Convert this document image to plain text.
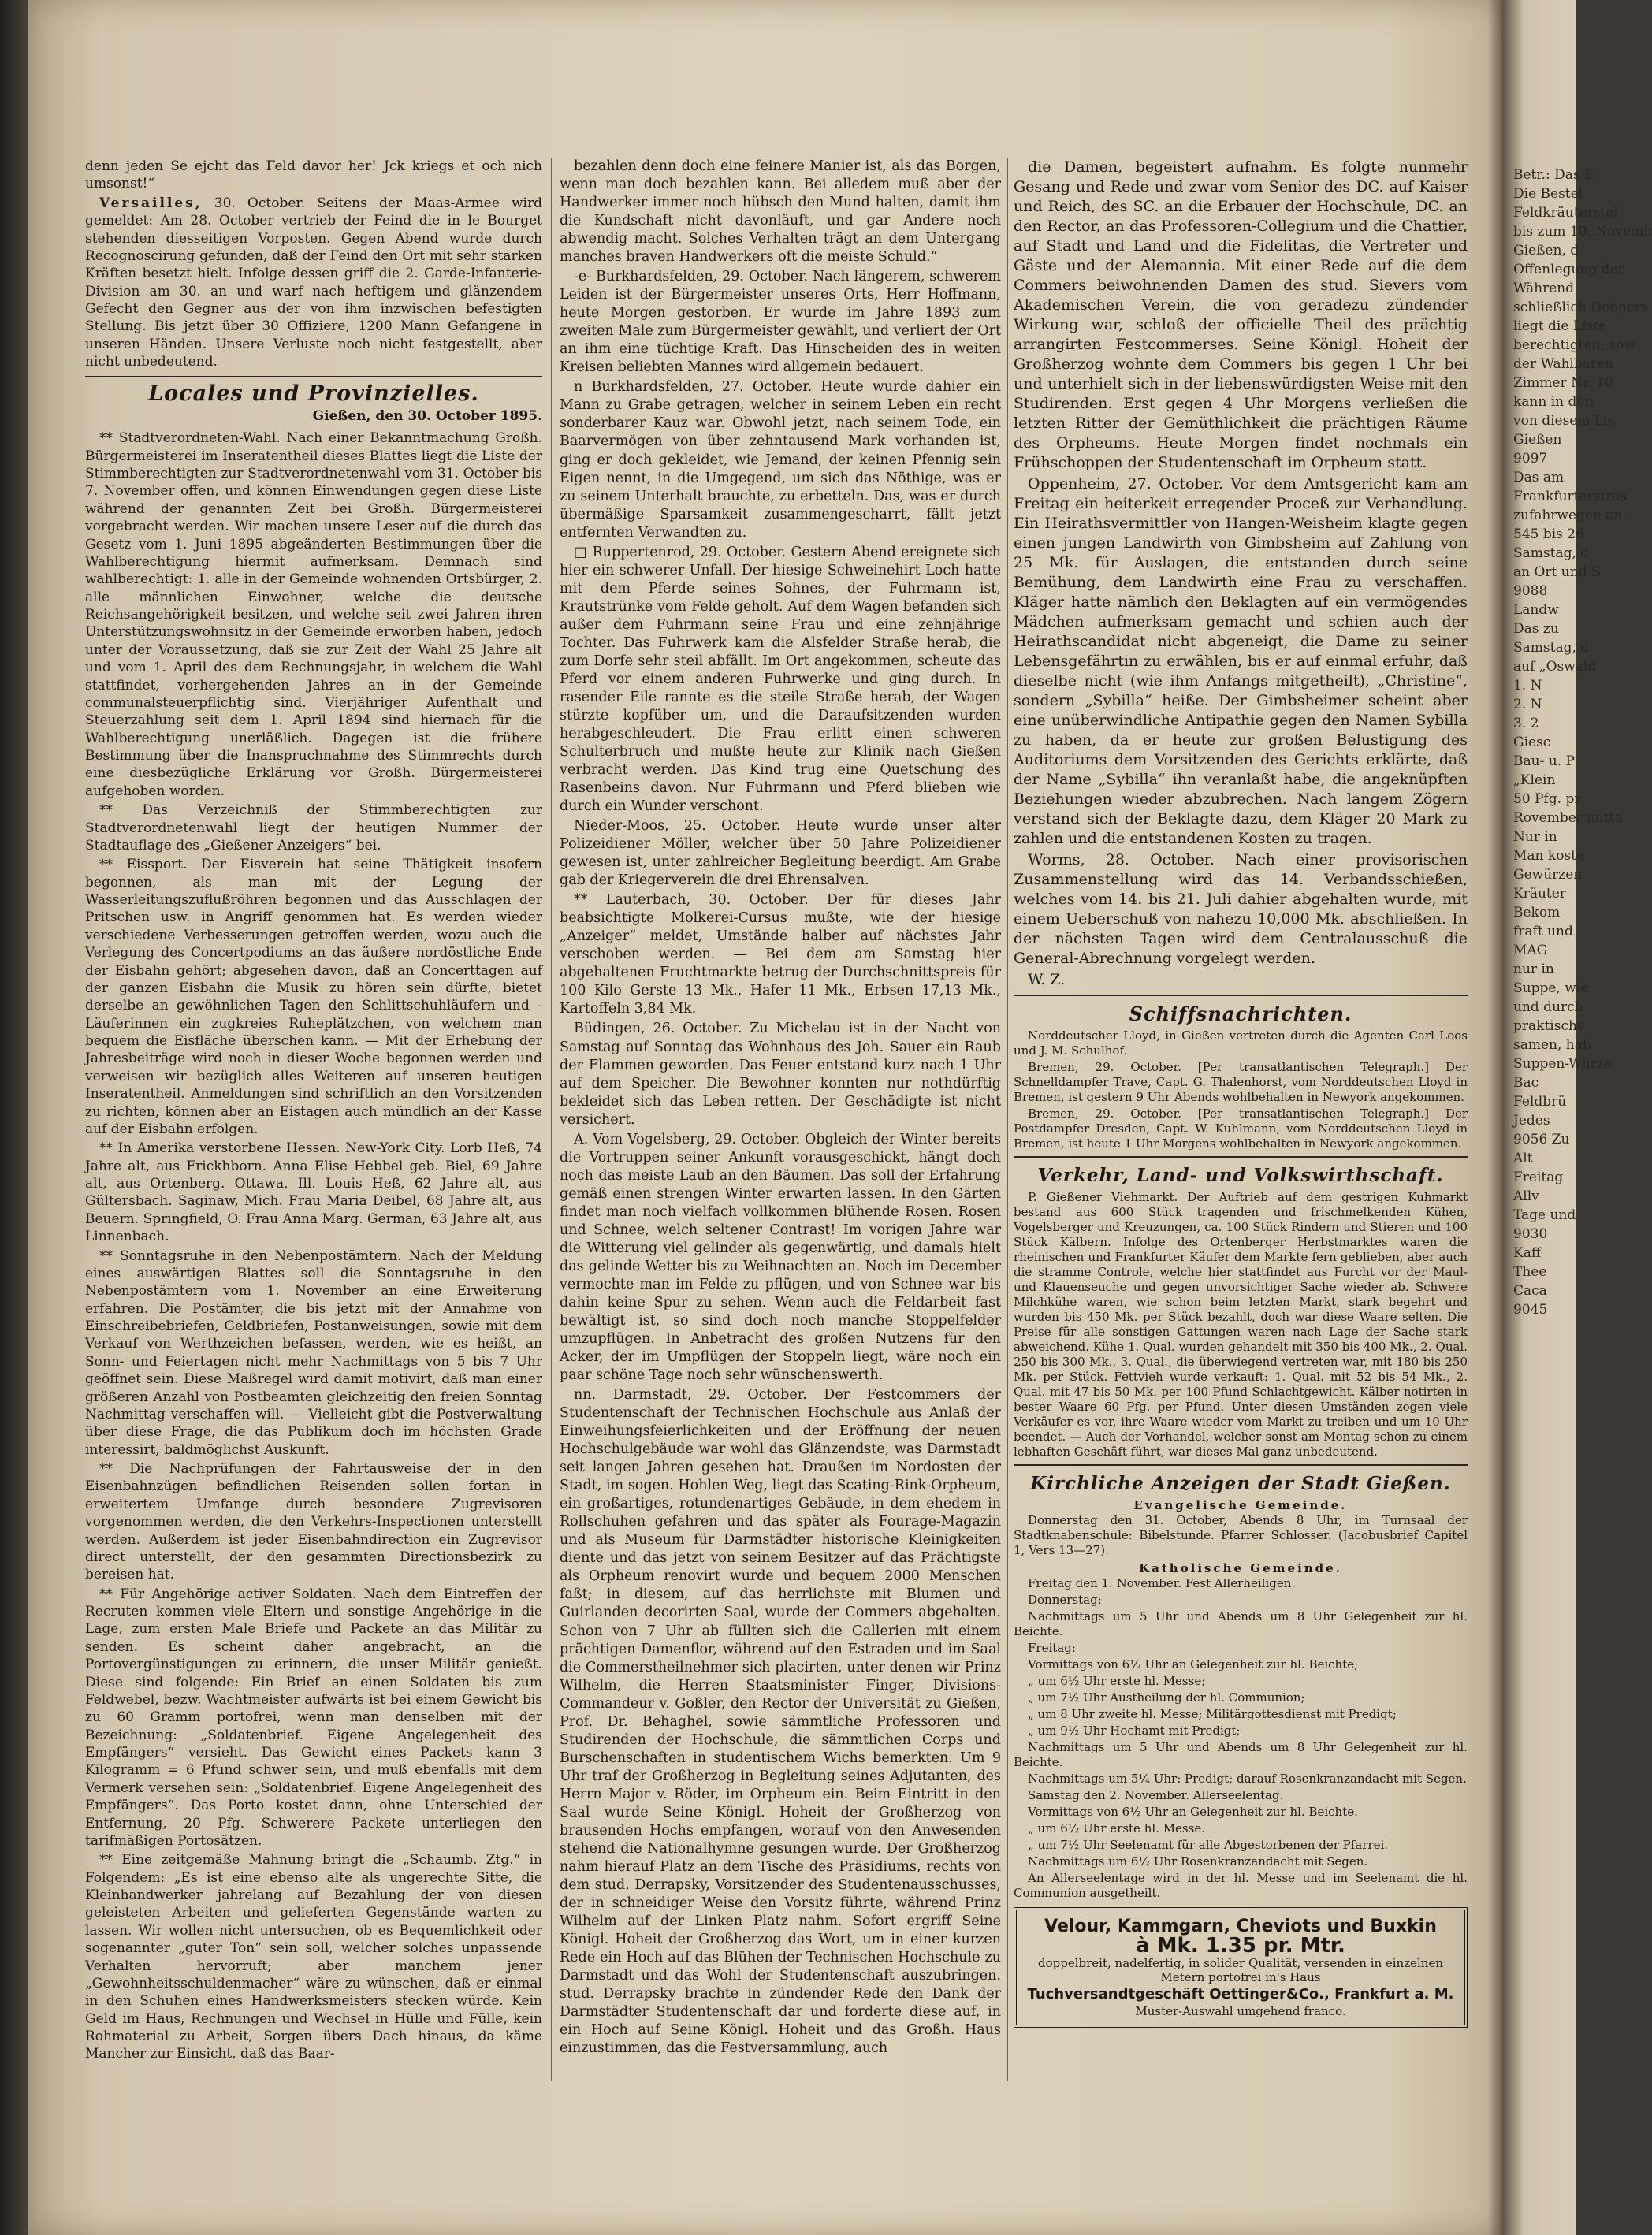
denn jeden Se ejcht das Feld davor her! Jck kriegs et och nich umsonst!“

Versailles, 30. October. Seitens der Maas-Armee wird gemeldet: Am 28. October vertrieb der Feind die in le Bourget stehenden diesseitigen Vorposten. Gegen Abend wurde durch Recognoscirung gefunden, daß der Feind den Ort mit sehr starken Kräften besetzt hielt. Infolge dessen griff die 2. Garde-Infanterie-Division am 30. an und warf nach heftigem und glänzendem Gefecht den Gegner aus der von ihm inzwischen befestigten Stellung. Bis jetzt über 30 Offiziere, 1200 Mann Gefangene in unseren Händen. Unsere Verluste noch nicht festgestellt, aber nicht unbedeutend.

Locales und Provinzielles.
Gießen, den 30. October 1895.

** Stadtverordneten-Wahl. Nach einer Bekanntmachung Großh. Bürgermeisterei im Inseratentheil dieses Blattes liegt die Liste der Stimmberechtigten zur Stadtverordnetenwahl vom 31. October bis 7. November offen, und können Einwendungen gegen diese Liste während der genannten Zeit bei Großh. Bürgermeisterei vorgebracht werden. Wir machen unsere Leser auf die durch das Gesetz vom 1. Juni 1895 abgeänderten Bestimmungen über die Wahlberechtigung hiermit aufmerksam. Demnach sind wahlberechtigt: 1. alle in der Gemeinde wohnenden Ortsbürger, 2. alle männlichen Einwohner, welche die deutsche Reichsangehörigkeit besitzen, und welche seit zwei Jahren ihren Unterstützungswohnsitz in der Gemeinde erworben haben, jedoch unter der Voraussetzung, daß sie zur Zeit der Wahl 25 Jahre alt und vom 1. April des dem Rechnungsjahr, in welchem die Wahl stattfindet, vorhergehenden Jahres an in der Gemeinde communalsteuerpflichtig sind. Vierjähriger Aufenthalt und Steuerzahlung seit dem 1. April 1894 sind hiernach für die Wahlberechtigung unerläßlich. Dagegen ist die frühere Bestimmung über die Inanspruchnahme des Stimmrechts durch eine diesbezügliche Erklärung vor Großh. Bürgermeisterei aufgehoben worden.

** Das Verzeichniß der Stimmberechtigten zur Stadtverordnetenwahl liegt der heutigen Nummer der Stadtauflage des „Gießener Anzeigers“ bei.

** Eissport. Der Eisverein hat seine Thätigkeit insofern begonnen, als man mit der Legung der Wasserleitungszuflußröhren begonnen und das Ausschlagen der Pritschen usw. in Angriff genommen hat. Es werden wieder verschiedene Verbesserungen getroffen werden, wozu auch die Verlegung des Concertpodiums an das äußere nordöstliche Ende der Eisbahn gehört; abgesehen davon, daß an Concerttagen auf der ganzen Eisbahn die Musik zu hören sein dürfte, bietet derselbe an gewöhnlichen Tagen den Schlittschuhläufern und -Läuferinnen ein zugkreies Ruheplätzchen, von welchem man bequem die Eisfläche überschen kann. — Mit der Erhebung der Jahresbeiträge wird noch in dieser Woche begonnen werden und verweisen wir bezüglich alles Weiteren auf unseren heutigen Inseratentheil. Anmeldungen sind schriftlich an den Vorsitzenden zu richten, können aber an Eistagen auch mündlich an der Kasse auf der Eisbahn erfolgen.

** In Amerika verstorbene Hessen. New-York City. Lorb Heß, 74 Jahre alt, aus Frickhborn. Anna Elise Hebbel geb. Biel, 69 Jahre alt, aus Ortenberg. Ottawa, Ill. Louis Heß, 62 Jahre alt, aus Gültersbach. Saginaw, Mich. Frau Maria Deibel, 68 Jahre alt, aus Beuern. Springfield, O. Frau Anna Marg. German, 63 Jahre alt, aus Linnenbach.

** Sonntagsruhe in den Nebenpostämtern. Nach der Meldung eines auswärtigen Blattes soll die Sonntagsruhe in den Nebenpostämtern vom 1. November an eine Erweiterung erfahren. Die Postämter, die bis jetzt mit der Annahme von Einschreibebriefen, Geldbriefen, Postanweisungen, sowie mit dem Verkauf von Werthzeichen befassen, werden, wie es heißt, an Sonn- und Feiertagen nicht mehr Nachmittags von 5 bis 7 Uhr geöffnet sein. Diese Maßregel wird damit motivirt, daß man einer größeren Anzahl von Postbeamten gleichzeitig den freien Sonntag Nachmittag verschaffen will. — Vielleicht gibt die Postverwaltung über diese Frage, die das Publikum doch im höchsten Grade interessirt, baldmöglichst Auskunft.

** Die Nachprüfungen der Fahrtausweise der in den Eisenbahnzügen befindlichen Reisenden sollen fortan in erweitertem Umfange durch besondere Zugrevisoren vorgenommen werden, die den Verkehrs-Inspectionen unterstellt werden. Außerdem ist jeder Eisenbahndirection ein Zugrevisor direct unterstellt, der den gesammten Directionsbezirk zu bereisen hat.

** Für Angehörige activer Soldaten. Nach dem Eintreffen der Recruten kommen viele Eltern und sonstige Angehörige in die Lage, zum ersten Male Briefe und Packete an das Militär zu senden. Es scheint daher angebracht, an die Portovergünstigungen zu erinnern, die unser Militär genießt. Diese sind folgende: Ein Brief an einen Soldaten bis zum Feldwebel, bezw. Wachtmeister aufwärts ist bei einem Gewicht bis zu 60 Gramm portofrei, wenn man denselben mit der Bezeichnung: „Soldatenbrief. Eigene Angelegenheit des Empfängers“ versieht. Das Gewicht eines Packets kann 3 Kilogramm = 6 Pfund schwer sein, und muß ebenfalls mit dem Vermerk versehen sein: „Soldatenbrief. Eigene Angelegenheit des Empfängers“. Das Porto kostet dann, ohne Unterschied der Entfernung, 20 Pfg. Schwerere Packete unterliegen den tarifmäßigen Portosätzen.

** Eine zeitgemäße Mahnung bringt die „Schaumb. Ztg.“ in Folgendem: „Es ist eine ebenso alte als ungerechte Sitte, die Kleinhandwerker jahrelang auf Bezahlung der von diesen geleisteten Arbeiten und gelieferten Gegenstände warten zu lassen. Wir wollen nicht untersuchen, ob es Bequemlichkeit oder sogenannter „guter Ton“ sein soll, welcher solches unpassende Verhalten hervorruft; aber manchem jener „Gewohnheitsschuldenmacher“ wäre zu wünschen, daß er einmal in den Schuhen eines Handwerksmeisters stecken würde. Kein Geld im Haus, Rechnungen und Wechsel in Hülle und Fülle, kein Rohmaterial zu Arbeit, Sorgen übers Dach hinaus, da käme Mancher zur Einsicht, daß das Baar-

bezahlen denn doch eine feinere Manier ist, als das Borgen, wenn man doch bezahlen kann. Bei alledem muß aber der Handwerker immer noch hübsch den Mund halten, damit ihm die Kundschaft nicht davonläuft, und gar Andere noch abwendig macht. Solches Verhalten trägt an dem Untergang manches braven Handwerkers oft die meiste Schuld.“

-e- Burkhardsfelden, 29. October. Nach längerem, schwerem Leiden ist der Bürgermeister unseres Orts, Herr Hoffmann, heute Morgen gestorben. Er wurde im Jahre 1893 zum zweiten Male zum Bürgermeister gewählt, und verliert der Ort an ihm eine tüchtige Kraft. Das Hinscheiden des in weiten Kreisen beliebten Mannes wird allgemein bedauert.

n Burkhardsfelden, 27. October. Heute wurde dahier ein Mann zu Grabe getragen, welcher in seinem Leben ein recht sonderbarer Kauz war. Obwohl jetzt, nach seinem Tode, ein Baarvermögen von über zehntausend Mark vorhanden ist, ging er doch gekleidet, wie Jemand, der keinen Pfennig sein Eigen nennt, in die Umgegend, um sich das Nöthige, was er zu seinem Unterhalt brauchte, zu erbetteln. Das, was er durch übermäßige Sparsamkeit zusammengescharrt, fällt jetzt entfernten Verwandten zu.

□ Ruppertenrod, 29. October. Gestern Abend ereignete sich hier ein schwerer Unfall. Der hiesige Schweinehirt Loch hatte mit dem Pferde seines Sohnes, der Fuhrmann ist, Krautstrünke vom Felde geholt. Auf dem Wagen befanden sich außer dem Fuhrmann seine Frau und eine zehnjährige Tochter. Das Fuhrwerk kam die Alsfelder Straße herab, die zum Dorfe sehr steil abfällt. Im Ort angekommen, scheute das Pferd vor einem anderen Fuhrwerke und ging durch. In rasender Eile rannte es die steile Straße herab, der Wagen stürzte kopfüber um, und die Daraufsitzenden wurden herabgeschleudert. Die Frau erlitt einen schweren Schulterbruch und mußte heute zur Klinik nach Gießen verbracht werden. Das Kind trug eine Quetschung des Rasenbeins davon. Nur Fuhrmann und Pferd blieben wie durch ein Wunder verschont.

Nieder-Moos, 25. October. Heute wurde unser alter Polizeidiener Möller, welcher über 50 Jahre Polizeidiener gewesen ist, unter zahlreicher Begleitung beerdigt. Am Grabe gab der Kriegerverein die drei Ehrensalven.

** Lauterbach, 30. October. Der für dieses Jahr beabsichtigte Molkerei-Cursus mußte, wie der hiesige „Anzeiger“ meldet, Umstände halber auf nächstes Jahr verschoben werden. — Bei dem am Samstag hier abgehaltenen Fruchtmarkte betrug der Durchschnittspreis für 100 Kilo Gerste 13 Mk., Hafer 11 Mk., Erbsen 17,13 Mk., Kartoffeln 3,84 Mk.

Büdingen, 26. October. Zu Michelau ist in der Nacht von Samstag auf Sonntag das Wohnhaus des Joh. Sauer ein Raub der Flammen geworden. Das Feuer entstand kurz nach 1 Uhr auf dem Speicher. Die Bewohner konnten nur nothdürftig bekleidet sich das Leben retten. Der Geschädigte ist nicht versichert.

A. Vom Vogelsberg, 29. October. Obgleich der Winter bereits die Vortruppen seiner Ankunft vorausgeschickt, hängt doch noch das meiste Laub an den Bäumen. Das soll der Erfahrung gemäß einen strengen Winter erwarten lassen. In den Gärten findet man noch vielfach vollkommen blühende Rosen. Rosen und Schnee, welch seltener Contrast! Im vorigen Jahre war die Witterung viel gelinder als gegenwärtig, und damals hielt das gelinde Wetter bis zu Weihnachten an. Noch im December vermochte man im Felde zu pflügen, und von Schnee war bis dahin keine Spur zu sehen. Wenn auch die Feldarbeit fast bewältigt ist, so sind doch noch manche Stoppelfelder umzupflügen. In Anbetracht des großen Nutzens für den Acker, der im Umpflügen der Stoppeln liegt, wäre noch ein paar schöne Tage noch sehr wünschenswerth.

nn. Darmstadt, 29. October. Der Festcommers der Studentenschaft der Technischen Hochschule aus Anlaß der Einweihungsfeierlichkeiten und der Eröffnung der neuen Hochschulgebäude war wohl das Glänzendste, was Darmstadt seit langen Jahren gesehen hat. Draußen im Nordosten der Stadt, im sogen. Hohlen Weg, liegt das Scating-Rink-Orpheum, ein großartiges, rotundenartiges Gebäude, in dem ehedem in Rollschuhen gefahren und das später als Fourage-Magazin und als Museum für Darmstädter historische Kleinigkeiten diente und das jetzt von seinem Besitzer auf das Prächtigste als Orpheum renovirt wurde und bequem 2000 Menschen faßt; in diesem, auf das herrlichste mit Blumen und Guirlanden decorirten Saal, wurde der Commers abgehalten. Schon von 7 Uhr ab füllten sich die Gallerien mit einem prächtigen Damenflor, während auf den Estraden und im Saal die Commerstheilnehmer sich placirten, unter denen wir Prinz Wilhelm, die Herren Staatsminister Finger, Divisions-Commandeur v. Goßler, den Rector der Universität zu Gießen, Prof. Dr. Behaghel, sowie sämmtliche Professoren und Studirenden der Hochschule, die sämmtlichen Corps und Burschenschaften in studentischem Wichs bemerkten. Um 9 Uhr traf der Großherzog in Begleitung seines Adjutanten, des Herrn Major v. Röder, im Orpheum ein. Beim Eintritt in den Saal wurde Seine Königl. Hoheit der Großherzog von brausenden Hochs empfangen, worauf von den Anwesenden stehend die Nationalhymne gesungen wurde. Der Großherzog nahm hierauf Platz an dem Tische des Präsidiums, rechts von dem stud. Derrapsky, Vorsitzender des Studentenausschusses, der in schneidiger Weise den Vorsitz führte, während Prinz Wilhelm auf der Linken Platz nahm. Sofort ergriff Seine Königl. Hoheit der Großherzog das Wort, um in einer kurzen Rede ein Hoch auf das Blühen der Technischen Hochschule zu Darmstadt und das Wohl der Studentenschaft auszubringen. stud. Derrapsky brachte in zündender Rede den Dank der Darmstädter Studentenschaft dar und forderte diese auf, in ein Hoch auf Seine Königl. Hoheit und das Großh. Haus einzustimmen, das die Festversammlung, auch

die Damen, begeistert aufnahm. Es folgte nunmehr Gesang und Rede und zwar vom Senior des DC. auf Kaiser und Reich, des SC. an die Erbauer der Hochschule, DC. an den Rector, an das Professoren-Collegium und die Chattier, auf Stadt und Land und die Fidelitas, die Vertreter und Gäste und der Alemannia. Mit einer Rede auf die dem Commers beiwohnenden Damen des stud. Sievers vom Akademischen Verein, die von geradezu zündender Wirkung war, schloß der officielle Theil des prächtig arrangirten Festcommerses. Seine Königl. Hoheit der Großherzog wohnte dem Commers bis gegen 1 Uhr bei und unterhielt sich in der liebenswürdigsten Weise mit den Studirenden. Erst gegen 4 Uhr Morgens verließen die letzten Ritter der Gemüthlichkeit die prächtigen Räume des Orpheums. Heute Morgen findet nochmals ein Frühschoppen der Studentenschaft im Orpheum statt.

Oppenheim, 27. October. Vor dem Amtsgericht kam am Freitag ein heiterkeit erregender Proceß zur Verhandlung. Ein Heirathsvermittler von Hangen-Weisheim klagte gegen einen jungen Landwirth von Gimbsheim auf Zahlung von 25 Mk. für Auslagen, die entstanden durch seine Bemühung, dem Landwirth eine Frau zu verschaffen. Kläger hatte nämlich den Beklagten auf ein vermögendes Mädchen aufmerksam gemacht und schien auch der Heirathscandidat nicht abgeneigt, die Dame zu seiner Lebensgefährtin zu erwählen, bis er auf einmal erfuhr, daß dieselbe nicht (wie ihm Anfangs mitgetheilt), „Christine“, sondern „Sybilla“ heiße. Der Gimbsheimer scheint aber eine unüberwindliche Antipathie gegen den Namen Sybilla zu haben, da er heute zur großen Belustigung des Auditoriums dem Vorsitzenden des Gerichts erklärte, daß der Name „Sybilla“ ihn veranlaßt habe, die angeknüpften Beziehungen wieder abzubrechen. Nach langem Zögern verstand sich der Beklagte dazu, dem Kläger 20 Mark zu zahlen und die entstandenen Kosten zu tragen.

Worms, 28. October. Nach einer provisorischen Zusammenstellung wird das 14. Verbandsschießen, welches vom 14. bis 21. Juli dahier abgehalten wurde, mit einem Ueberschuß von nahezu 10,000 Mk. abschließen. In der nächsten Tagen wird dem Centralausschuß die General-Abrechnung vorgelegt werden.

W. Z.

Schiffsnachrichten.

Norddeutscher Lloyd, in Gießen vertreten durch die Agenten Carl Loos und J. M. Schulhof.

Bremen, 29. October. [Per transatlantischen Telegraph.] Der Schnelldampfer Trave, Capt. G. Thalenhorst, vom Norddeutschen Lloyd in Bremen, ist gestern 9 Uhr Abends wohlbehalten in Newyork angekommen.

Bremen, 29. October. [Per transatlantischen Telegraph.] Der Postdampfer Dresden, Capt. W. Kuhlmann, vom Norddeutschen Lloyd in Bremen, ist heute 1 Uhr Morgens wohlbehalten in Newyork angekommen.

Verkehr, Land- und Volkswirthschaft.

P. Gießener Viehmarkt. Der Auftrieb auf dem gestrigen Kuhmarkt bestand aus 600 Stück tragenden und frischmelkenden Kühen, Vogelsberger und Kreuzungen, ca. 100 Stück Rindern und Stieren und 100 Stück Kälbern. Infolge des Ortenberger Herbstmarktes waren die rheinischen und Frankfurter Käufer dem Markte fern geblieben, aber auch die stramme Controle, welche hier stattfindet aus Furcht vor der Maul- und Klauenseuche und gegen unvorsichtiger Sache wieder ab. Schwere Milchkühe waren, wie schon beim letzten Markt, stark begehrt und wurden bis 450 Mk. per Stück bezahlt, doch war diese Waare selten. Die Preise für alle sonstigen Gattungen waren nach Lage der Sache stark abweichend. Kühe 1. Qual. wurden gehandelt mit 350 bis 400 Mk., 2. Qual. 250 bis 300 Mk., 3. Qual., die überwiegend vertreten war, mit 180 bis 250 Mk. per Stück. Fettvieh wurde verkauft: 1. Qual. mit 52 bis 54 Mk., 2. Qual. mit 47 bis 50 Mk. per 100 Pfund Schlachtgewicht. Kälber notirten in bester Waare 60 Pfg. per Pfund. Unter diesen Umständen zogen viele Verkäufer es vor, ihre Waare wieder vom Markt zu treiben und um 10 Uhr beendet. — Auch der Vorhandel, welcher sonst am Montag schon zu einem lebhaften Geschäft führt, war dieses Mal ganz unbedeutend.

Kirchliche Anzeigen der Stadt Gießen.
Evangelische Gemeinde.

Donnerstag den 31. October, Abends 8 Uhr, im Turnsaal der Stadtknabenschule: Bibelstunde. Pfarrer Schlosser. (Jacobusbrief Capitel 1, Vers 13—27).

Katholische Gemeinde.

Freitag den 1. November. Fest Allerheiligen.

Donnerstag:

Nachmittags um 5 Uhr und Abends um 8 Uhr Gelegenheit zur hl. Beichte.

Freitag:

Vormittags von 6½ Uhr an Gelegenheit zur hl. Beichte;

„ um 6½ Uhr erste hl. Messe;

„ um 7½ Uhr Austheilung der hl. Communion;

„ um 8 Uhr zweite hl. Messe; Militärgottesdienst mit Predigt;

„ um 9½ Uhr Hochamt mit Predigt;

Nachmittags um 5 Uhr und Abends um 8 Uhr Gelegenheit zur hl. Beichte.

Nachmittags um 5¼ Uhr: Predigt; darauf Rosenkranzandacht mit Segen.

Samstag den 2. November. Allerseelentag.

Vormittags von 6½ Uhr an Gelegenheit zur hl. Beichte.

„ um 6½ Uhr erste hl. Messe.

„ um 7½ Uhr Seelenamt für alle Abgestorbenen der Pfarrei.

Nachmittags um 6½ Uhr Rosenkranzandacht mit Segen.

An Allerseelentage wird in der hl. Messe und im Seelenamt die hl. Communion ausgetheilt.

Velour, Kammgarn, Cheviots und Buxkin
à Mk. 1.35 pr. Mtr.
doppelbreit, nadelfertig, in solider Qualität, versenden in einzelnen Metern portofrei in's Haus
Tuchversandtgeschäft Oettinger&Co., Frankfurt a. M.
Muster-Auswahl umgehend franco.
Betr.: Das E
Die Bestel
Feldkräuterstel
bis zum 10. Novemb
Gießen, d
Offenlegung der
Während
schließlich Donners
liegt die Liste
berechtigten, sow
der Wahlbaren
Zimmer Nr. 10
kann in den
von diesem Lis
Gießen
9097
Das am
Frankfurterstras
zufahrwegen an
545 bis 26
Samstag, d
an Ort und S
9088
Landw
Das zu
Samstag, d
auf „Oswald
1. N
2. N
3. 2
Giesc
Bau- u. P
„Klein
50 Pfg. pr
Rovember mitta
Nur in
Man koste
Gewürzen
Kräuter
Bekom
fraft und
MAG
nur in
Suppe, wie
und durch
praktische
samen, hab
Suppen-Würze
Bac
Feldbrü
Jedes
9056 Zu
Alt
Freitag
Allv
Tage und
9030
Kaff
Thee
Caca
9045
